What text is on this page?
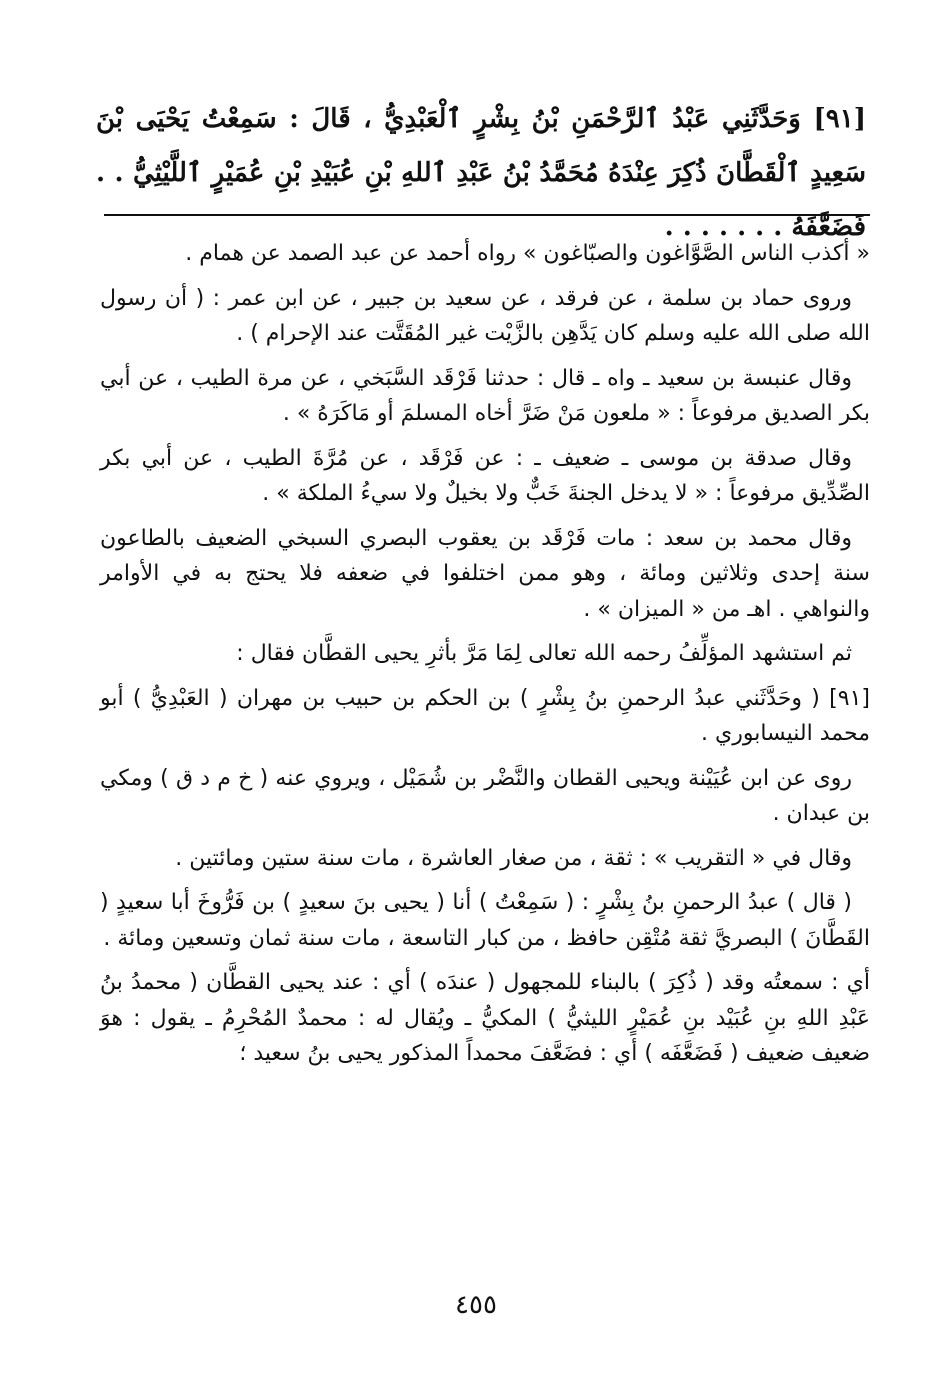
[٩١] وَحَدَّثَنِي عَبْدُ ٱلرَّحْمَنِ بْنُ بِشْرٍ ٱلْعَبْدِيُّ ، قَالَ : سَمِعْتُ يَحْيَى بْنَ سَعِيدٍ ٱلْقَطَّانَ ذُكِرَ عِنْدَهُ مُحَمَّدُ بْنُ عَبْدِ ٱللهِ بْنِ عُبَيْدِ بْنِ عُمَيْرٍ ٱللَّيْثِيُّ . . فَضَعَّفَهُ . . . . . . .

« أكذب الناس الصَّوَّاغون والصبّاغون » رواه أحمد عن عبد الصمد عن همام .

وروى حماد بن سلمة ، عن فرقد ، عن سعيد بن جبير ، عن ابن عمر : ( أن رسول الله صلى الله عليه وسلم كان يَدَّهِن بالزَّيْت غير المُقَتَّت عند الإحرام ) .

وقال عنبسة بن سعيد ـ واه ـ قال : حدثنا فَرْقَد السَّبَخي ، عن مرة الطيب ، عن أبي بكر الصديق مرفوعاً : « ملعون مَنْ ضَرَّ أخاه المسلمَ أو مَاكَرَهُ » .

وقال صدقة بن موسى ـ ضعيف ـ : عن فَرْقَد ، عن مُرَّةَ الطيب ، عن أبي بكر الصِّدِّيق مرفوعاً : « لا يدخل الجنةَ خَبٌّ ولا بخيلٌ ولا سيءُ الملكة » .

وقال محمد بن سعد : مات فَرْقَد بن يعقوب البصري السبخي الضعيف بالطاعون سنة إحدى وثلاثين ومائة ، وهو ممن اختلفوا في ضعفه فلا يحتج به في الأوامر والنواهي . اهـ من « الميزان » .

ثم استشهد المؤلِّفُ رحمه الله تعالى لِمَا مَرَّ بأثرِ يحيى القطَّان فقال :

[٩١] ( وحَدَّثَني عبدُ الرحمنِ بنُ بِشْرٍ ) بن الحكم بن حبيب بن مهران ( العَبْدِيُّ ) أبو محمد النيسابوري .

روى عن ابن عُيَيْنة ويحيى القطان والنَّضْر بن شُمَيْل ، ويروي عنه ( خ م د ق ) ومكي بن عبدان .

وقال في « التقريب » : ثقة ، من صغار العاشرة ، مات سنة ستين ومائتين .

( قال ) عبدُ الرحمنِ بنُ بِشْرٍ : ( سَمِعْتُ ) أنا ( يحيى بنَ سعيدٍ ) بن فَرُّوخَ أبا سعيدٍ ( القَطَّانَ ) البصريَّ ثقة مُتْقِن حافظ ، من كبار التاسعة ، مات سنة ثمان وتسعين ومائة .

أي : سمعتُه وقد ( ذُكِرَ ) بالبناء للمجهول ( عندَه ) أي : عند يحيى القطَّان ( محمدُ بنُ عَبْدِ اللهِ بنِ عُبَيْد بنِ عُمَيْرٍ الليثيُّ ) المكيُّ ـ ويُقال له : محمدٌ المُحْرِمُ ـ يقول : هوَ ضعيف ضعيف ( فَضَعَّفَه ) أي : فضَعَّفَ محمداً المذكور يحيى بنُ سعيد ؛

٤٥٥
